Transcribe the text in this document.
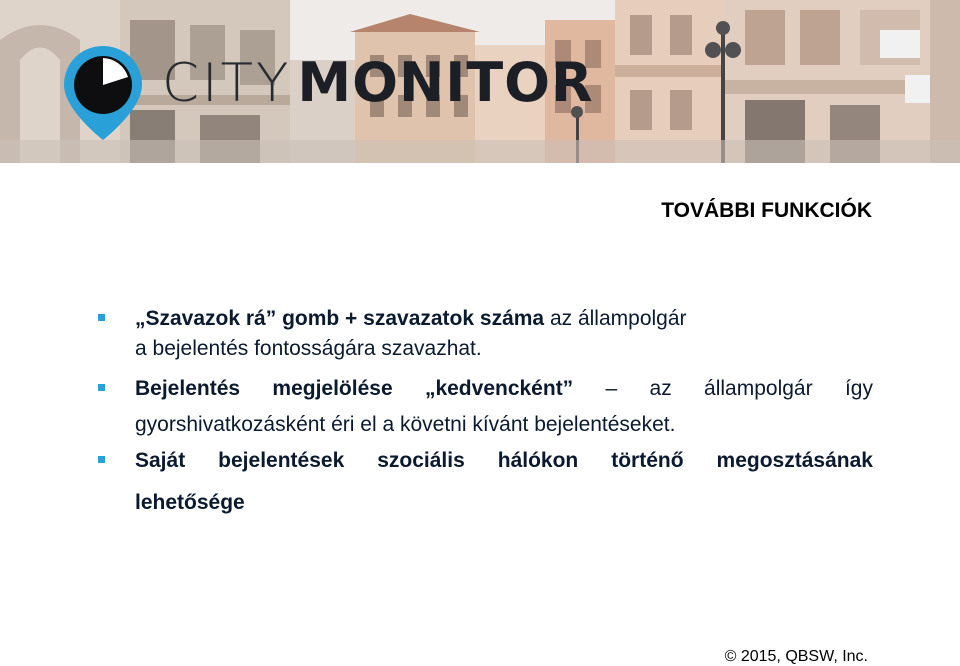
CITY MONITOR
TOVÁBBI FUNKCIÓK

„Szavazok rá” gomb + szavazatok száma az állampolgár

a bejelentés fontosságára szavazhat.

Bejelentés megjelölése „kedvencként” – az állampolgár így

gyorshivatkozásként éri el a követni kívánt bejelentéseket.

Saját bejelentések szociális hálókon történő megosztásának

lehetősége

© 2015, QBSW, Inc.
